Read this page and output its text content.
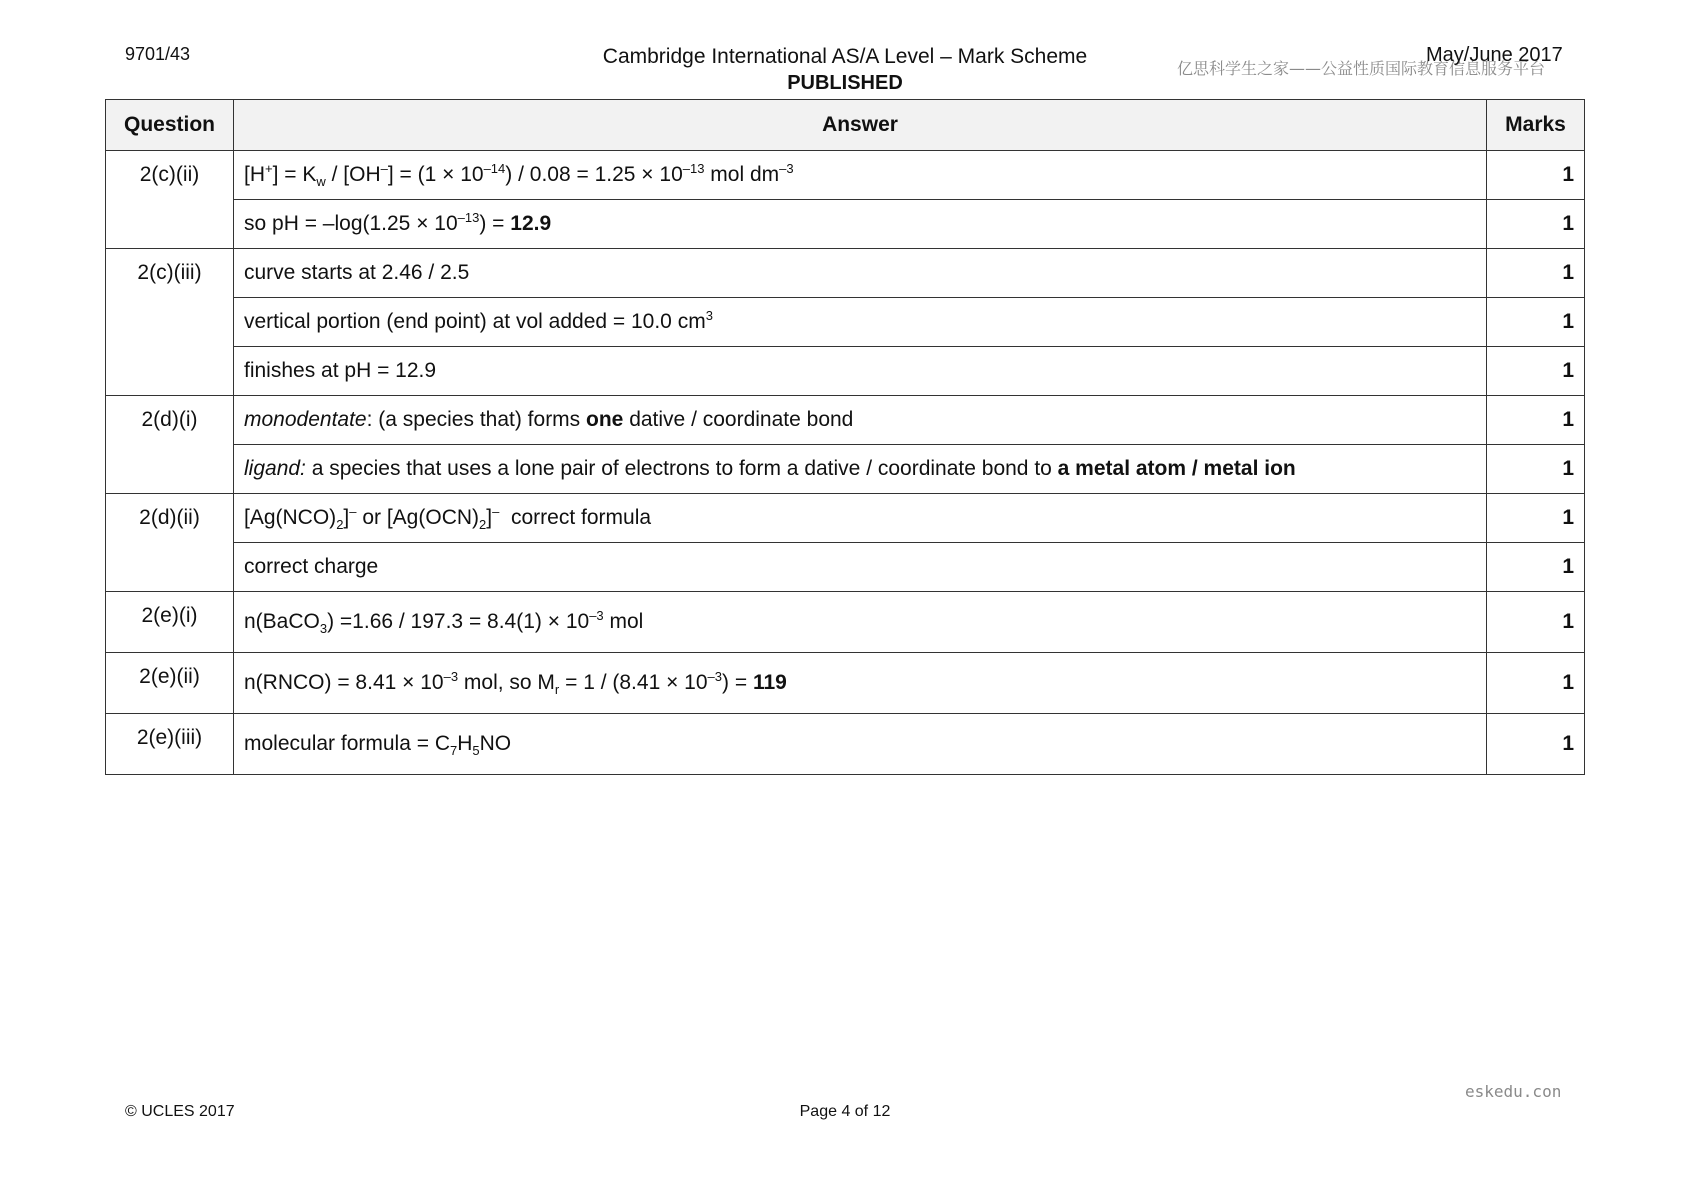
9701/43	Cambridge International AS/A Level – Mark Scheme
PUBLISHED
亿思科学生之家——公益性质国际教育信息服务平台
May/June 2017
Question	Answer	Marks
2(c)(ii)	$[H^+] = K_w / [OH^-] = (1 \times 10^{-14}) / 0.08 = 1.25 \times 10^{-13}$ mol $dm^{-3}$	1
	so pH = $-\log(1.25 \times 10^{-13}) = 12.9$	1
2(c)(iii)	curve starts at 2.46 / 2.5	1
	vertical portion (end point) at vol added = 10.0 $cm^3$	1
	finishes at pH = 12.9	1
2(d)(i)	monodentate: (a species that) forms one dative / coordinate bond	1
	ligand: a species that uses a lone pair of electrons to form a dative / coordinate bond to a metal atom / metal ion	1
2(d)(ii)	$[Ag(NCO)_2]^-$ or $[Ag(OCN)_2]^-$  correct formula	1
	correct charge	1
2(e)(i)	n(BaCO$_3$) $=1.66 / 197.3 = 8.4(1) \times 10^{-3}$ mol	1
2(e)(ii)	n(RNCO) = $8.41 \times 10^{-3}$ mol, so $M_r = 1 / (8.41 \times 10^{-3}) = 119$	1
2(e)(iii)	molecular formula = $C_7H_5NO$	1
eskedu.con
© UCLES 2017	Page 4 of 12
